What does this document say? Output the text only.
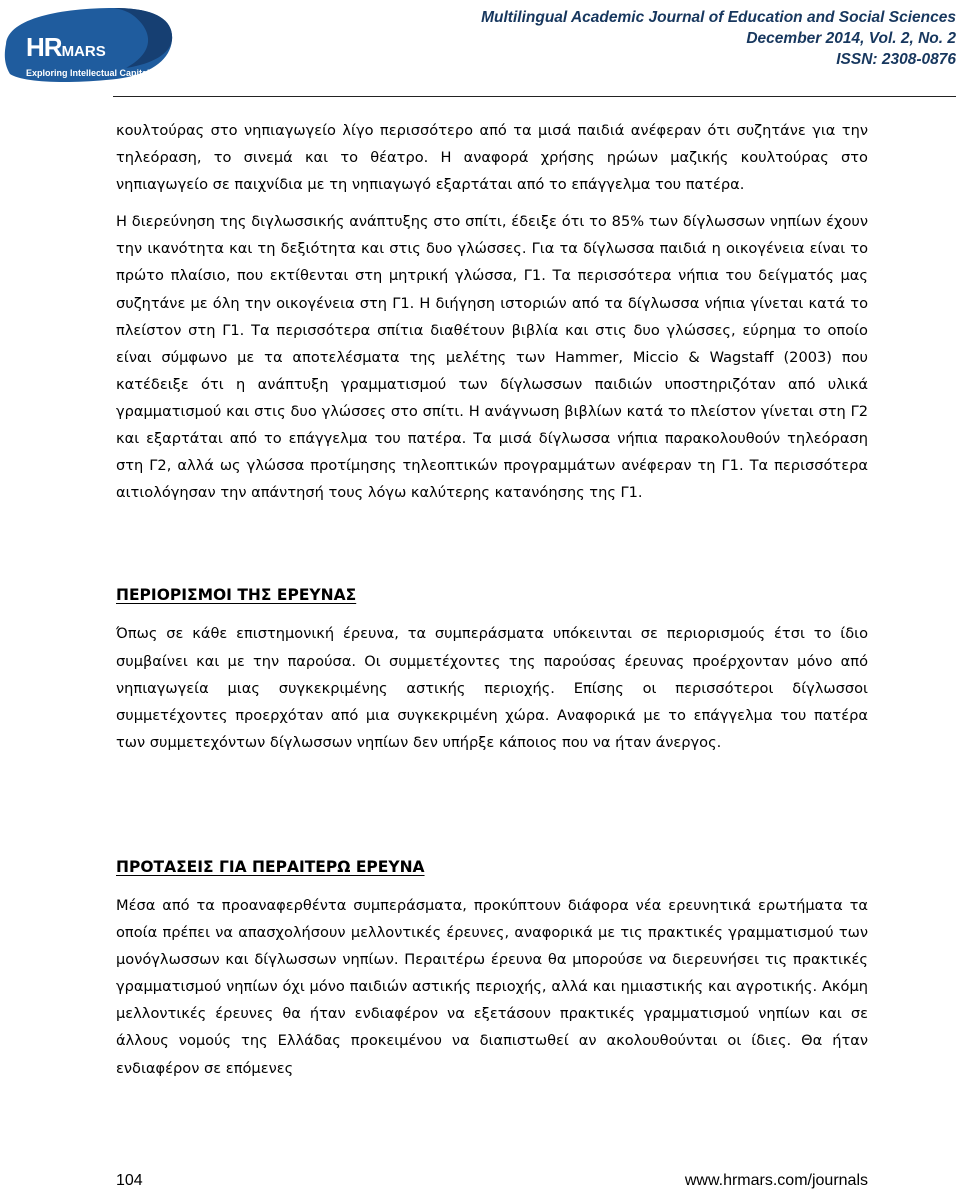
HRMARS
Exploring Intellectual Capital
Multilingual Academic Journal of Education and Social Sciences
December 2014, Vol. 2, No. 2
ISSN: 2308-0876

κουλτούρας στο νηπιαγωγείο λίγο περισσότερο από τα μισά παιδιά ανέφεραν ότι συζητάνε για την τηλεόραση, το σινεμά και το θέατρο. Η αναφορά χρήσης ηρώων μαζικής κουλτούρας στο νηπιαγωγείο σε παιχνίδια με τη νηπιαγωγό εξαρτάται από το επάγγελμα του πατέρα.

Η διερεύνηση της διγλωσσικής ανάπτυξης στο σπίτι, έδειξε ότι το 85% των δίγλωσσων νηπίων έχουν την ικανότητα και τη δεξιότητα και στις δυο γλώσσες. Για τα δίγλωσσα παιδιά η οικογένεια είναι το πρώτο πλαίσιο, που εκτίθενται στη μητρική γλώσσα, Γ1. Τα περισσότερα νήπια του δείγματός μας συζητάνε με όλη την οικογένεια στη Γ1. Η διήγηση ιστοριών από τα δίγλωσσα νήπια γίνεται κατά το πλείστον στη Γ1. Τα περισσότερα σπίτια διαθέτουν βιβλία και στις δυο γλώσσες, εύρημα το οποίο είναι σύμφωνο με τα αποτελέσματα της μελέτης των Hammer, Miccio & Wagstaff (2003) που κατέδειξε ότι η ανάπτυξη γραμματισμού των δίγλωσσων παιδιών υποστηριζόταν από υλικά γραμματισμού και στις δυο γλώσσες στο σπίτι. Η ανάγνωση βιβλίων κατά το πλείστον γίνεται στη Γ2 και εξαρτάται από το επάγγελμα του πατέρα. Τα μισά δίγλωσσα νήπια παρακολουθούν τηλεόραση στη Γ2, αλλά ως γλώσσα προτίμησης τηλεοπτικών προγραμμάτων ανέφεραν τη Γ1. Τα περισσότερα αιτιολόγησαν την απάντησή τους λόγω καλύτερης κατανόησης της Γ1.

ΠΕΡΙΟΡΙΣΜΟΙ ΤΗΣ ΕΡΕΥΝΑΣ

Όπως σε κάθε επιστημονική έρευνα, τα συμπεράσματα υπόκεινται σε περιορισμούς έτσι το ίδιο συμβαίνει και με την παρούσα. Οι συμμετέχοντες της παρούσας έρευνας προέρχονταν μόνο από νηπιαγωγεία μιας συγκεκριμένης αστικής περιοχής. Επίσης οι περισσότεροι δίγλωσσοι συμμετέχοντες προερχόταν από μια συγκεκριμένη χώρα. Αναφορικά με το επάγγελμα του πατέρα των συμμετεχόντων δίγλωσσων νηπίων δεν υπήρξε κάποιος που να ήταν άνεργος.

ΠΡΟΤΑΣΕΙΣ ΓΙΑ ΠΕΡΑΙΤΕΡΩ ΕΡΕΥΝΑ

Μέσα από τα προαναφερθέντα συμπεράσματα, προκύπτουν διάφορα νέα ερευνητικά ερωτήματα τα οποία πρέπει να απασχολήσουν μελλοντικές έρευνες, αναφορικά με τις πρακτικές γραμματισμού των μονόγλωσσων και δίγλωσσων νηπίων. Περαιτέρω έρευνα θα μπορούσε να διερευνήσει τις πρακτικές γραμματισμού νηπίων όχι μόνο παιδιών αστικής περιοχής, αλλά και ημιαστικής και αγροτικής. Ακόμη μελλοντικές έρευνες θα ήταν ενδιαφέρον να εξετάσουν πρακτικές γραμματισμού νηπίων και σε άλλους νομούς της Ελλάδας προκειμένου να διαπιστωθεί αν ακολουθούνται οι ίδιες. Θα ήταν ενδιαφέρον σε επόμενες

104	www.hrmars.com/journals
